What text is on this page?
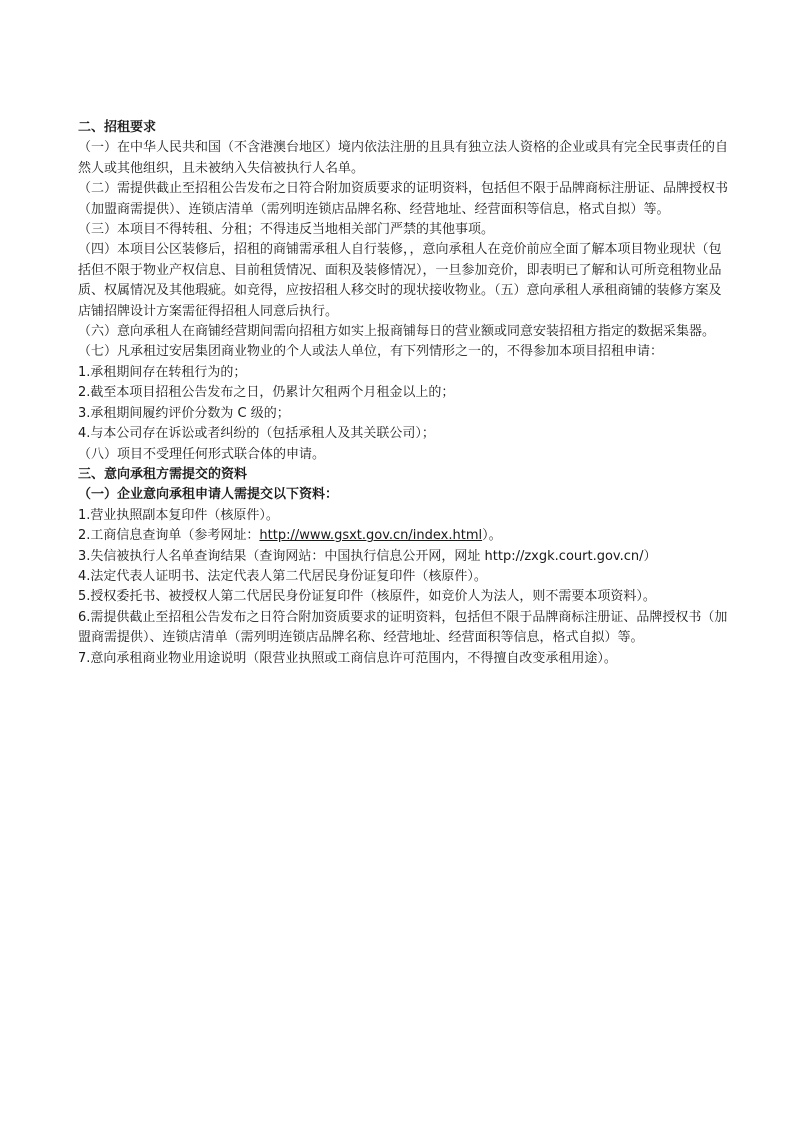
二、招租要求

（一）在中华人民共和国（不含港澳台地区）境内依法注册的且具有独立法人资格的企业或具有完全民事责任的自然人或其他组织，且未被纳入失信被执行人名单。

（二）需提供截止至招租公告发布之日符合附加资质要求的证明资料，包括但不限于品牌商标注册证、品牌授权书（加盟商需提供）、连锁店清单（需列明连锁店品牌名称、经营地址、经营面积等信息，格式自拟）等。

（三）本项目不得转租、分租；不得违反当地相关部门严禁的其他事项。

（四）本项目公区装修后，招租的商铺需承租人自行装修，，意向承租人在竞价前应全面了解本项目物业现状（包括但不限于物业产权信息、目前租赁情况、面积及装修情况），一旦参加竞价，即表明已了解和认可所竞租物业品质、权属情况及其他瑕疵。如竞得，应按招租人移交时的现状接收物业。（五）意向承租人承租商铺的装修方案及店铺招牌设计方案需征得招租人同意后执行。

（六）意向承租人在商铺经营期间需向招租方如实上报商铺每日的营业额或同意安装招租方指定的数据采集器。

（七）凡承租过安居集团商业物业的个人或法人单位，有下列情形之一的，不得参加本项目招租申请：

1.承租期间存在转租行为的；

2.截至本项目招租公告发布之日，仍累计欠租两个月租金以上的；

3.承租期间履约评价分数为 C 级的；

4.与本公司存在诉讼或者纠纷的（包括承租人及其关联公司）；

（八）项目不受理任何形式联合体的申请。

三、意向承租方需提交的资料

（一）企业意向承租申请人需提交以下资料：

1.营业执照副本复印件（核原件）。

2.工商信息查询单（参考网址：http://www.gsxt.gov.cn/index.html）。

3.失信被执行人名单查询结果（查询网站：中国执行信息公开网，网址 http://zxgk.court.gov.cn/）

4.法定代表人证明书、法定代表人第二代居民身份证复印件（核原件）。

5.授权委托书、被授权人第二代居民身份证复印件（核原件，如竞价人为法人，则不需要本项资料）。

6.需提供截止至招租公告发布之日符合附加资质要求的证明资料，包括但不限于品牌商标注册证、品牌授权书（加盟商需提供）、连锁店清单（需列明连锁店品牌名称、经营地址、经营面积等信息，格式自拟）等。

7.意向承租商业物业用途说明（限营业执照或工商信息许可范围内，不得擅自改变承租用途）。
